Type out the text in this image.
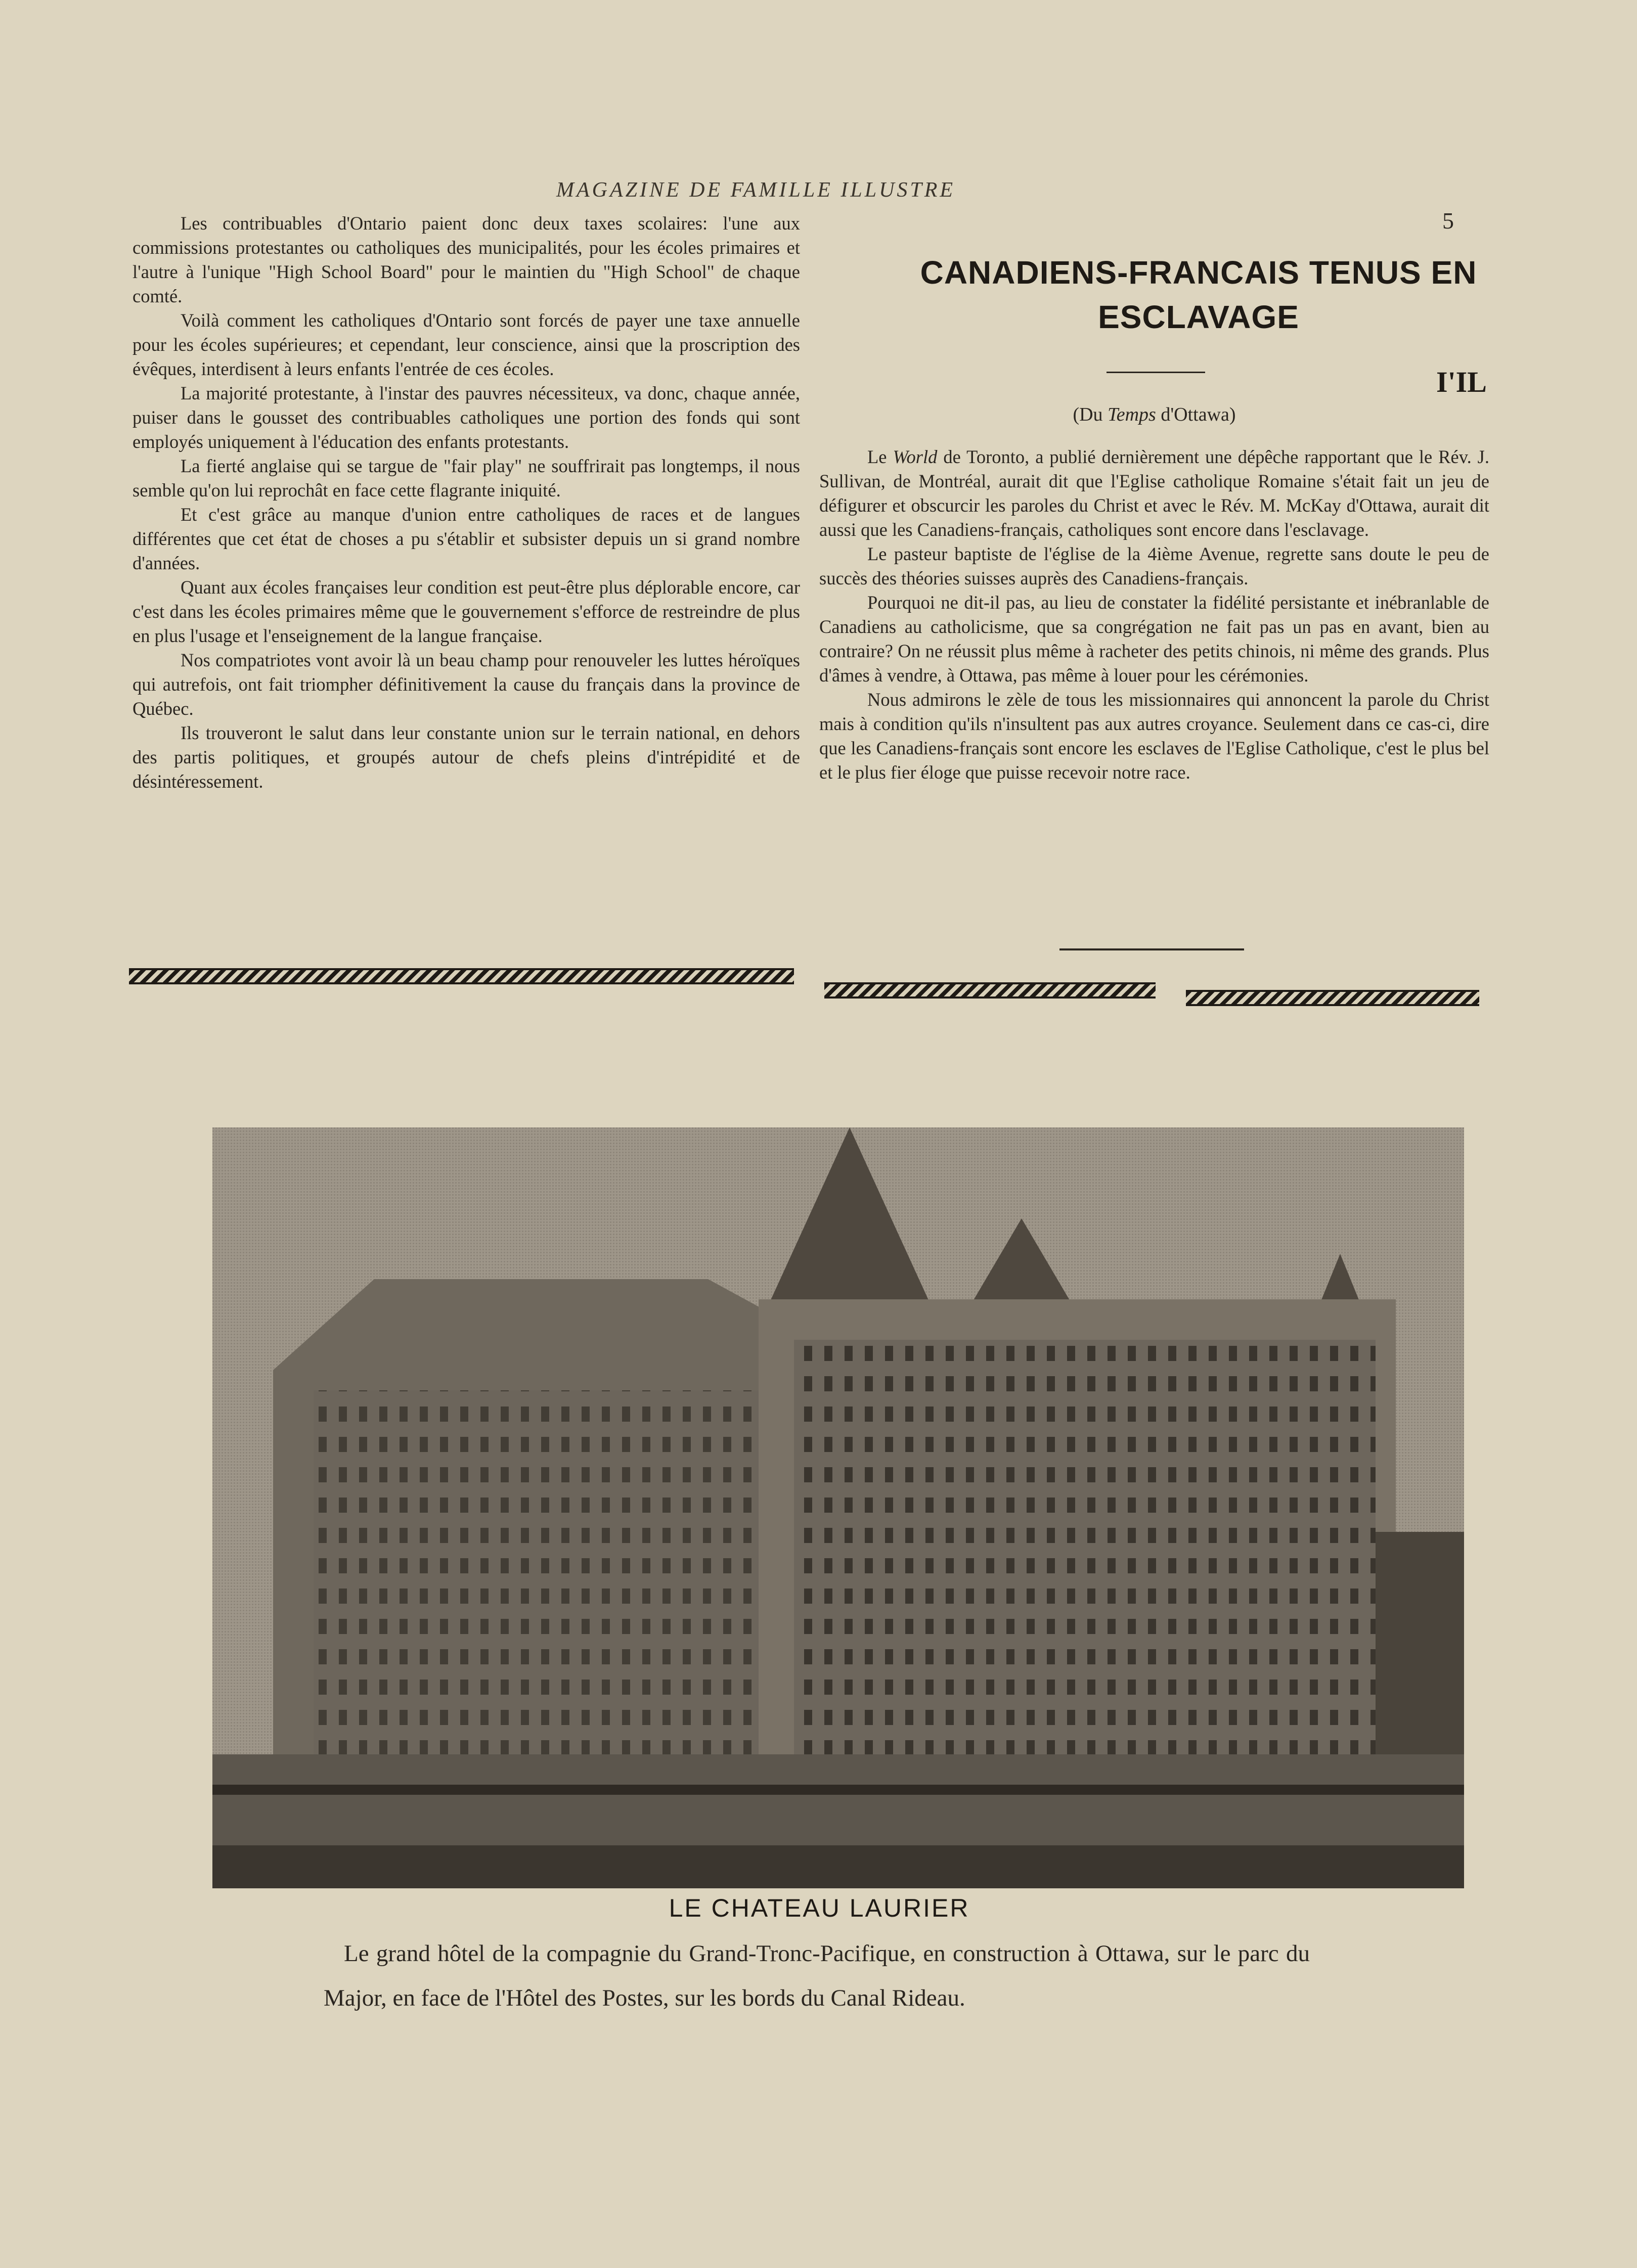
MAGAZINE DE FAMILLE ILLUSTRE
5

Les contribuables d'Ontario paient donc deux taxes scolaires: l'une aux commissions protestantes ou catholiques des municipalités, pour les écoles primaires et l'autre à l'unique "High School Board" pour le maintien du "High School" de chaque comté.

Voilà comment les catholiques d'Ontario sont forcés de payer une taxe annuelle pour les écoles supérieures; et cependant, leur conscience, ainsi que la proscription des évêques, interdisent à leurs enfants l'entrée de ces écoles.

La majorité protestante, à l'instar des pauvres nécessiteux, va donc, chaque année, puiser dans le gousset des contribuables catholiques une portion des fonds qui sont employés uniquement à l'éducation des enfants protestants.

La fierté anglaise qui se targue de "fair play" ne souffrirait pas longtemps, il nous semble qu'on lui reprochât en face cette flagrante iniquité.

Et c'est grâce au manque d'union entre catholiques de races et de langues différentes que cet état de choses a pu s'établir et subsister depuis un si grand nombre d'années.

Quant aux écoles françaises leur condition est peut-être plus déplorable encore, car c'est dans les écoles primaires même que le gouvernement s'efforce de restreindre de plus en plus l'usage et l'enseignement de la langue française.

Nos compatriotes vont avoir là un beau champ pour renouveler les luttes héroïques qui autrefois, ont fait triompher définitivement la cause du français dans la province de Québec.

Ils trouveront le salut dans leur constante union sur le terrain national, en dehors des partis politiques, et groupés autour de chefs pleins d'intrépidité et de désintéressement.

CANADIENS-FRANCAIS TENUS EN
ESCLAVAGE
I'IL
(Du Temps d'Ottawa)

Le World de Toronto, a publié dernièrement une dépêche rapportant que le Rév. J. Sullivan, de Montréal, aurait dit que l'Eglise catholique Romaine s'était fait un jeu de défigurer et obscurcir les paroles du Christ et avec le Rév. M. McKay d'Ottawa, aurait dit aussi que les Canadiens-français, catholiques sont encore dans l'esclavage.

Le pasteur baptiste de l'église de la 4ième Avenue, regrette sans doute le peu de succès des théories suisses auprès des Canadiens-français.

Pourquoi ne dit-il pas, au lieu de constater la fidélité persistante et inébranlable de Canadiens au catholicisme, que sa congrégation ne fait pas un pas en avant, bien au contraire? On ne réussit plus même à racheter des petits chinois, ni même des grands. Plus d'âmes à vendre, à Ottawa, pas même à louer pour les cérémonies.

Nous admirons le zèle de tous les missionnaires qui annoncent la parole du Christ mais à condition qu'ils n'insultent pas aux autres croyance. Seulement dans ce cas-ci, dire que les Canadiens-français sont encore les esclaves de l'Eglise Catholique, c'est le plus bel et le plus fier éloge que puisse recevoir notre race.

LE CHATEAU LAURIER
Le grand hôtel de la compagnie du Grand-Tronc-Pacifique, en construction à Ottawa, sur le parc du Major, en face de l'Hôtel des Postes, sur les bords du Canal Rideau.
